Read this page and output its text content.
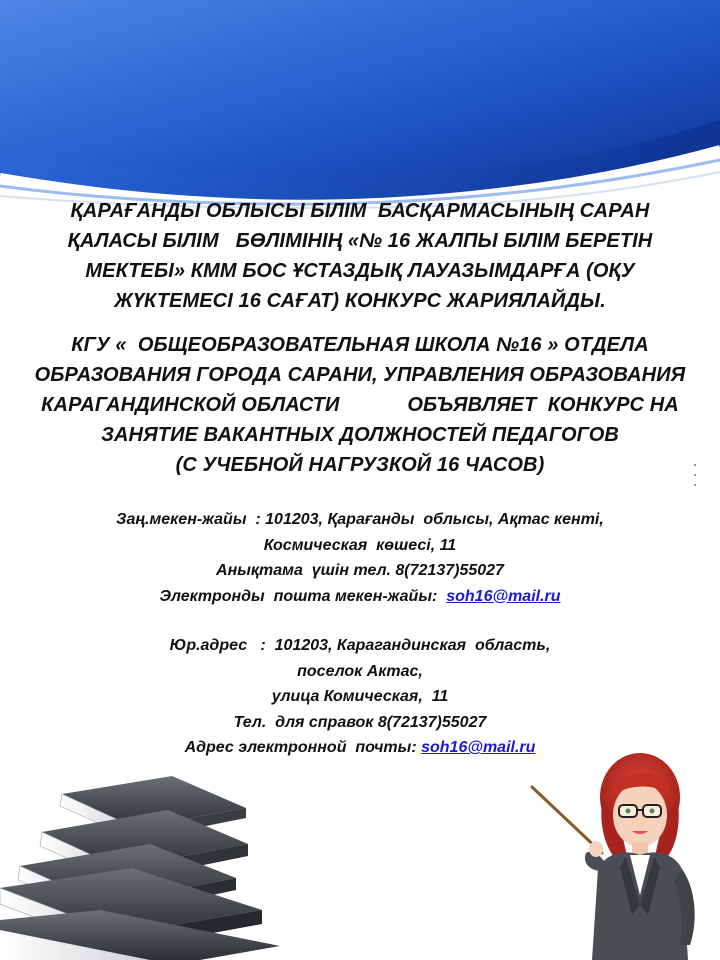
ҚАРАҒАНДЫ ОБЛЫСЫ БІЛІМ  БАСҚАРМАСЫНЫҢ САРАН
ҚАЛАСЫ БІЛІМ   БӨЛІМІНІҢ «№ 16 ЖАЛПЫ БІЛІМ БЕРЕТІН
МЕКТЕБІ» КММ БОС ҰСТАЗДЫҚ ЛАУАЗЫМДАРҒА (ОҚУ
ЖҮКТЕМЕСІ 16 САҒАТ) КОНКУРС ЖАРИЯЛАЙДЫ.
КГУ «  ОБЩЕОБРАЗОВАТЕЛЬНАЯ ШКОЛА №16 » ОТДЕЛА
ОБРАЗОВАНИЯ ГОРОДА САРАНИ, УПРАВЛЕНИЯ ОБРАЗОВАНИЯ
КАРАГАНДИНСКОЙ ОБЛАСТИ            ОБЪЯВЛЯЕТ  КОНКУРС НА
ЗАНЯТИЕ ВАКАНТНЫХ ДОЛЖНОСТЕЙ ПЕДАГОГОВ
(С УЧЕБНОЙ НАГРУЗКОЙ 16 ЧАСОВ)
Заң.мекен-жайы  : 101203, Қарағанды  облысы, Ақтас кенті,
Космическая  көшесі, 11
Анықтама  үшін тел. 8(72137)55027
Электронды  пошта мекен-жайы:  soh16@mail.ru
Юр.адрес   :  101203, Карагандинская  область,
поселок Актас,
улица Комическая,  11
Тел.  для справок 8(72137)55027
Адрес электронной  почты: soh16@mail.ru
